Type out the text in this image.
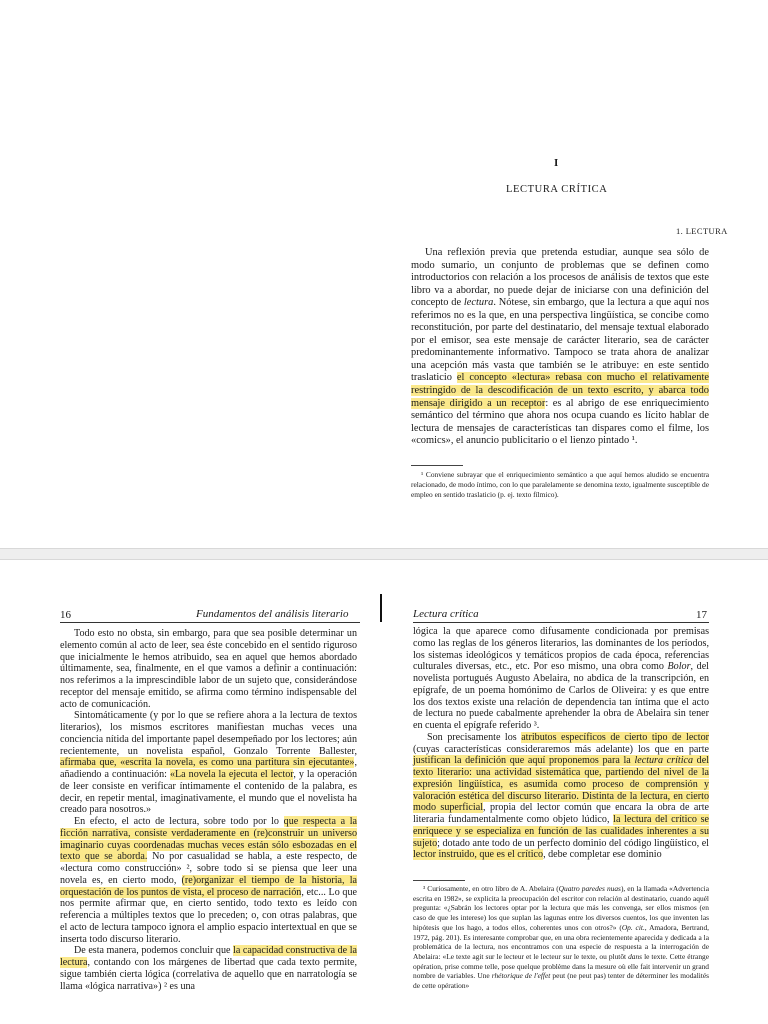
I
LECTURA CRÍTICA
1. LECTURA
Una reflexión previa que pretenda estudiar, aunque sea sólo de modo sumario, un conjunto de problemas que se definen como introductorios con relación a los procesos de análisis de textos que este libro va a abordar, no puede dejar de iniciarse con una definición del concepto de lectura. Nótese, sin embargo, que la lectura a que aquí nos referimos no es la que, en una perspectiva lingüística, se concibe como reconstitución, por parte del destinatario, del mensaje textual elaborado por el emisor, sea este mensaje de carácter literario, sea de carácter predominantemente informativo. Tampoco se trata ahora de analizar una acepción más vasta que también se le atribuye: en este sentido traslaticio el concepto «lectura» rebasa con mucho el relativamente restringido de la descodificación de un texto escrito, y abarca todo mensaje dirigido a un receptor: es al abrigo de ese enriquecimiento semántico del término que ahora nos ocupa cuando es lícito hablar de lectura de mensajes de características tan dispares como el filme, los «comics», el anuncio publicitario o el lienzo pintado ¹.
¹ Conviene subrayar que el enriquecimiento semántico a que aquí hemos aludido se encuentra relacionado, de modo íntimo, con lo que paralelamente se denomina texto, igualmente susceptible de empleo en sentido traslaticio (p. ej. texto fílmico).
16	Fundamentos del análisis literario

Todo esto no obsta, sin embargo, para que sea posible determinar un elemento común al acto de leer, sea éste concebido en el sentido riguroso que inicialmente le hemos atribuido, sea en aquel que hemos abordado últimamente, sea, finalmente, en el que vamos a definir a continuación: nos referimos a la imprescindible labor de un sujeto que, considerándose receptor del mensaje emitido, se afirma como término indispensable del acto de comunicación.

Sintomáticamente (y por lo que se refiere ahora a la lectura de textos literarios), los mismos escritores manifiestan muchas veces una conciencia nítida del importante papel desempeñado por los lectores; aún recientemente, un novelista español, Gonzalo Torrente Ballester, afirmaba que, «escrita la novela, es como una partitura sin ejecutante», añadiendo a continuación: «La novela la ejecuta el lector, y la operación de leer consiste en verificar íntimamente el contenido de la palabra, es decir, en repetir mental, imaginativamente, el mundo que el novelista ha creado para nosotros.»

En efecto, el acto de lectura, sobre todo por lo que respecta a la ficción narrativa, consiste verdaderamente en (re)construir un universo imaginario cuyas coordenadas muchas veces están sólo esbozadas en el texto que se aborda. No por casualidad se habla, a este respecto, de «lectura como construcción» ², sobre todo si se piensa que leer una novela es, en cierto modo, (re)organizar el tiempo de la historia, la orquestación de los puntos de vista, el proceso de narración, etc... Lo que nos permite afirmar que, en cierto sentido, todo texto es leído con referencia a múltiples textos que lo preceden; o, con otras palabras, que el acto de lectura tampoco ignora el amplio espacio intertextual en que se inserta todo discurso literario.

De esta manera, podemos concluir que la capacidad constructiva de la lectura, contando con los márgenes de libertad que cada texto permite, sigue también cierta lógica (correlativa de aquello que en narratología se llama «lógica narrativa») ² es una

Lectura crítica	17

lógica la que aparece como difusamente condicionada por premisas como las reglas de los géneros literarios, las dominantes de los períodos, los sistemas ideológicos y temáticos propios de cada época, referencias culturales diversas, etc., etc. Por eso mismo, una obra como Bolor, del novelista portugués Augusto Abelaira, no abdica de la transcripción, en epígrafe, de un poema homónimo de Carlos de Oliveira: y es que entre los dos textos existe una relación de dependencia tan íntima que el acto de lectura no puede cabalmente aprehender la obra de Abelaira sin tener en cuenta el epígrafe referido ³.

Son precisamente los atributos específicos de cierto tipo de lector (cuyas características consideraremos más adelante) los que en parte justifican la definición que aquí proponemos para la lectura crítica del texto literario: una actividad sistemática que, partiendo del nivel de la expresión lingüística, es asumida como proceso de comprensión y valoración estética del discurso literario. Distinta de la lectura, en cierto modo superficial, propia del lector común que encara la obra de arte literaria fundamentalmente como objeto lúdico, la lectura del crítico se enriquece y se especializa en función de las cualidades inherentes a su sujeto; dotado ante todo de un perfecto dominio del código lingüístico, el lector instruido, que es el crítico, debe completar ese dominio

³ Curiosamente, en otro libro de A. Abelaira (Quatro paredes nuas), en la llamada «Advertencia escrita en 1982», se explicita la preocupación del escritor con relación al destinatario, cuando aquél pregunta: «¿Sabrán los lectores optar por la lectura que más les convenga, ser ellos mismos (en caso de que les interese) los que suplan las lagunas entre los diversos cuentos, los que inventen las hipótesis que los hago, a todos ellos, coherentes unos con otros?» (Op. cit., Amadora, Bertrand, 1972, pág. 201). Es interesante comprobar que, en una obra recientemente aparecida y dedicada a la problemática de la lectura, nos encontramos con una especie de respuesta a la interrogación de Abelaira: «Le texte agit sur le lecteur et le lecteur sur le texte, ou plutôt dans le texte. Cette étrange opération, prise comme telle, pose quelque problème dans la mesure où elle fait intervenir un grand nombre de variables. Une rhétorique de l'effet peut (ne peut pas) tenter de déterminer les modalités de cette opération»
